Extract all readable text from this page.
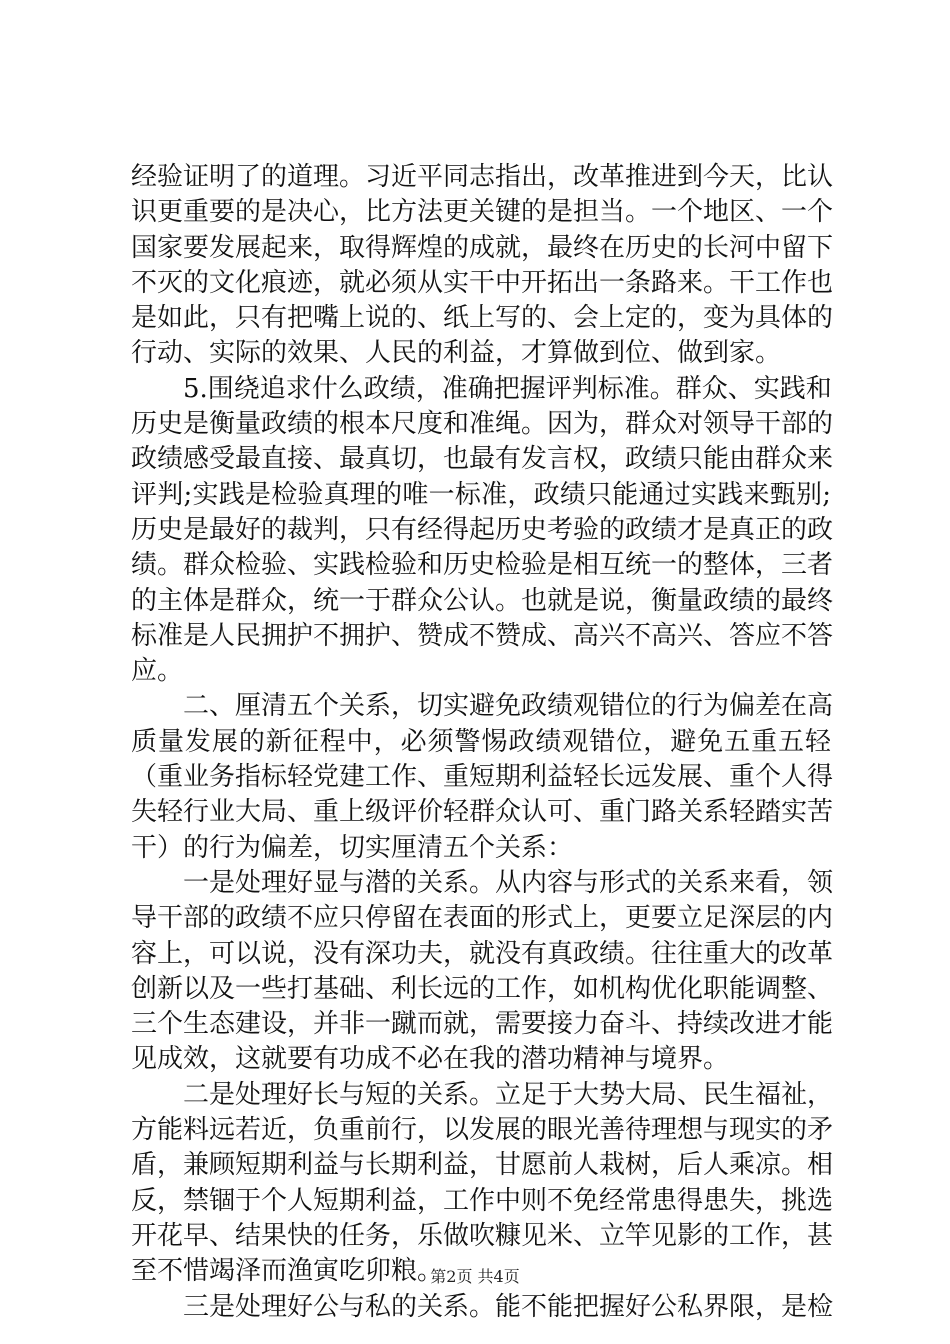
经验证明了的道理。习近平同志指出，改革推进到今天，比认
识更重要的是决心，比方法更关键的是担当。一个地区、一个
国家要发展起来，取得辉煌的成就，最终在历史的长河中留下
不灭的文化痕迹，就必须从实干中开拓出一条路来。干工作也
是如此，只有把嘴上说的、纸上写的、会上定的，变为具体的
行动、实际的效果、人民的利益，才算做到位、做到家。
　　5.围绕追求什么政绩，准确把握评判标准。群众、实践和
历史是衡量政绩的根本尺度和准绳。因为，群众对领导干部的
政绩感受最直接、最真切，也最有发言权，政绩只能由群众来
评判;实践是检验真理的唯一标准，政绩只能通过实践来甄别;
历史是最好的裁判，只有经得起历史考验的政绩才是真正的政
绩。群众检验、实践检验和历史检验是相互统一的整体，三者
的主体是群众，统一于群众公认。也就是说，衡量政绩的最终
标准是人民拥护不拥护、赞成不赞成、高兴不高兴、答应不答
应。
　　二、厘清五个关系，切实避免政绩观错位的行为偏差在高
质量发展的新征程中，必须警惕政绩观错位，避免五重五轻
（重业务指标轻党建工作、重短期利益轻长远发展、重个人得
失轻行业大局、重上级评价轻群众认可、重门路关系轻踏实苦
干）的行为偏差，切实厘清五个关系：
　　一是处理好显与潜的关系。从内容与形式的关系来看，领
导干部的政绩不应只停留在表面的形式上，更要立足深层的内
容上，可以说，没有深功夫，就没有真政绩。往往重大的改革
创新以及一些打基础、利长远的工作，如机构优化职能调整、
三个生态建设，并非一蹴而就，需要接力奋斗、持续改进才能
见成效，这就要有功成不必在我的潜功精神与境界。
　　二是处理好长与短的关系。立足于大势大局、民生福祉，
方能料远若近，负重前行，以发展的眼光善待理想与现实的矛
盾，兼顾短期利益与长期利益，甘愿前人栽树，后人乘凉。相
反，禁锢于个人短期利益，工作中则不免经常患得患失，挑选
开花早、结果快的任务，乐做吹糠见米、立竿见影的工作，甚
至不惜竭泽而渔寅吃卯粮。
　　三是处理好公与私的关系。能不能把握好公私界限，是检
第2页 共4页
